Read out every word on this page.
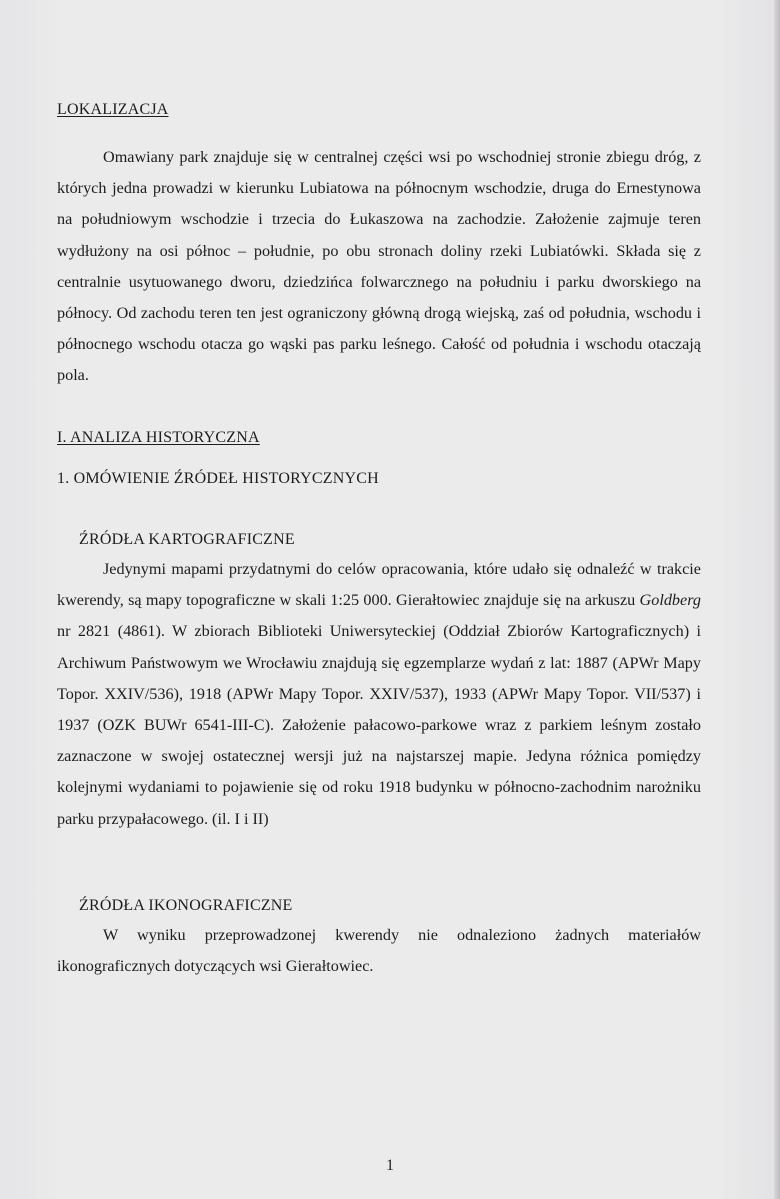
LOKALIZACJA

Omawiany park znajduje się w centralnej części wsi po wschodniej stronie zbiegu dróg, z których jedna prowadzi w kierunku Lubiatowa na północnym wschodzie, druga do Ernestynowa na południowym wschodzie i trzecia do Łukaszowa na zachodzie. Założenie zajmuje teren wydłużony na osi północ – południe, po obu stronach doliny rzeki Lubiatówki. Składa się z centralnie usytuowanego dworu, dziedzińca folwarcznego na południu i parku dworskiego na północy. Od zachodu teren ten jest ograniczony główną drogą wiejską, zaś od południa, wschodu i północnego wschodu otacza go wąski pas parku leśnego. Całość od południa i wschodu otaczają pola.

I. ANALIZA HISTORYCZNA
1. OMÓWIENIE ŹRÓDEŁ HISTORYCZNYCH
ŹRÓDŁA KARTOGRAFICZNE

Jedynymi mapami przydatnymi do celów opracowania, które udało się odnaleźć w trakcie kwerendy, są mapy topograficzne w skali 1:25 000. Gierałtowiec znajduje się na arkuszu Goldberg nr 2821 (4861). W zbiorach Biblioteki Uniwersyteckiej (Oddział Zbiorów Kartograficznych) i Archiwum Państwowym we Wrocławiu znajdują się egzemplarze wydań z lat: 1887 (APWr Mapy Topor. XXIV/536), 1918 (APWr Mapy Topor. XXIV/537), 1933 (APWr Mapy Topor. VII/537) i 1937 (OZK BUWr 6541-III-C). Założenie pałacowo-parkowe wraz z parkiem leśnym zostało zaznaczone w swojej ostatecznej wersji już na najstarszej mapie. Jedyna różnica pomiędzy kolejnymi wydaniami to pojawienie się od roku 1918 budynku w północno-zachodnim narożniku parku przypałacowego. (il. I i II)

ŹRÓDŁA IKONOGRAFICZNE

W wyniku przeprowadzonej kwerendy nie odnaleziono żadnych materiałów ikonograficznych dotyczących wsi Gierałtowiec.

1
